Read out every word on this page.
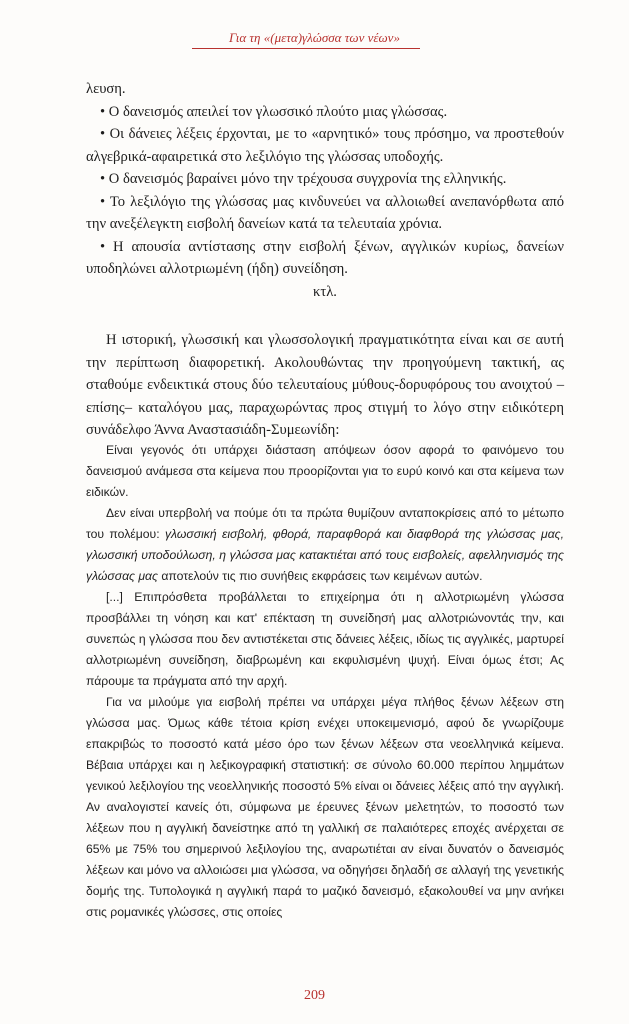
Για τη «(μετα)γλώσσα των νέων»

λευση.

• Ο δανεισμός απειλεί τον γλωσσικό πλούτο μιας γλώσσας.

• Οι δάνειες λέξεις έρχονται, με το «αρνητικό» τους πρόσημο, να προστεθούν αλγεβρικά-αφαιρετικά στο λεξιλόγιο της γλώσσας υποδοχής.

• Ο δανεισμός βαραίνει μόνο την τρέχουσα συγχρονία της ελληνικής.

• Το λεξιλόγιο της γλώσσας μας κινδυνεύει να αλλοιωθεί ανεπανόρθωτα από την ανεξέλεγκτη εισβολή δανείων κατά τα τελευταία χρόνια.

• Η απουσία αντίστασης στην εισβολή ξένων, αγγλικών κυρίως, δανείων υποδηλώνει αλλοτριωμένη (ήδη) συνείδηση.

κτλ.

Η ιστορική, γλωσσική και γλωσσολογική πραγματικότητα είναι και σε αυτή την περίπτωση διαφορετική. Ακολουθώντας την προηγούμενη τακτική, ας σταθούμε ενδεικτικά στους δύο τελευταίους μύθους-δορυφόρους του ανοιχτού –επίσης– καταλόγου μας, παραχωρώντας προς στιγμή το λόγο στην ειδικότερη συνάδελφο Άννα Αναστασιάδη-Συμεωνίδη:

Είναι γεγονός ότι υπάρχει διάσταση απόψεων όσον αφορά το φαινόμενο του δανεισμού ανάμεσα στα κείμενα που προορίζονται για το ευρύ κοινό και στα κείμενα των ειδικών.

Δεν είναι υπερβολή να πούμε ότι τα πρώτα θυμίζουν ανταποκρίσεις από το μέτωπο του πολέμου: γλωσσική εισβολή, φθορά, παραφθορά και διαφθορά της γλώσσας μας, γλωσσική υποδούλωση, η γλώσσα μας κατακτιέται από τους εισβολείς, αφελληνισμός της γλώσσας μας αποτελούν τις πιο συνήθεις εκφράσεις των κειμένων αυτών.

[...] Επιπρόσθετα προβάλλεται το επιχείρημα ότι η αλλοτριωμένη γλώσσα προσβάλλει τη νόηση και κατ' επέκταση τη συνείδησή μας αλλοτριώνοντάς την, και συνεπώς η γλώσσα που δεν αντιστέκεται στις δάνειες λέξεις, ιδίως τις αγγλικές, μαρτυρεί αλλοτριωμένη συνείδηση, διαβρωμένη και εκφυλισμένη ψυχή. Είναι όμως έτσι; Ας πάρουμε τα πράγματα από την αρχή.

Για να μιλούμε για εισβολή πρέπει να υπάρχει μέγα πλήθος ξένων λέξεων στη γλώσσα μας. Όμως κάθε τέτοια κρίση ενέχει υποκειμενισμό, αφού δε γνωρίζουμε επακριβώς το ποσοστό κατά μέσο όρο των ξένων λέξεων στα νεοελληνικά κείμενα. Βέβαια υπάρχει και η λεξικογραφική στατιστική: σε σύνολο 60.000 περίπου λημμάτων γενικού λεξιλογίου της νεοελληνικής ποσοστό 5% είναι οι δάνειες λέξεις από την αγγλική. Αν αναλογιστεί κανείς ότι, σύμφωνα με έρευνες ξένων μελετητών, το ποσοστό των λέξεων που η αγγλική δανείστηκε από τη γαλλική σε παλαιότερες εποχές ανέρχεται σε 65% με 75% του σημερινού λεξιλογίου της, αναρωτιέται αν είναι δυνατόν ο δανεισμός λέξεων και μόνο να αλλοιώσει μια γλώσσα, να οδηγήσει δηλαδή σε αλλαγή της γενετικής δομής της. Τυπολογικά η αγγλική παρά το μαζικό δανεισμό, εξακολουθεί να μην ανήκει στις ρομανικές γλώσσες, στις οποίες

209
